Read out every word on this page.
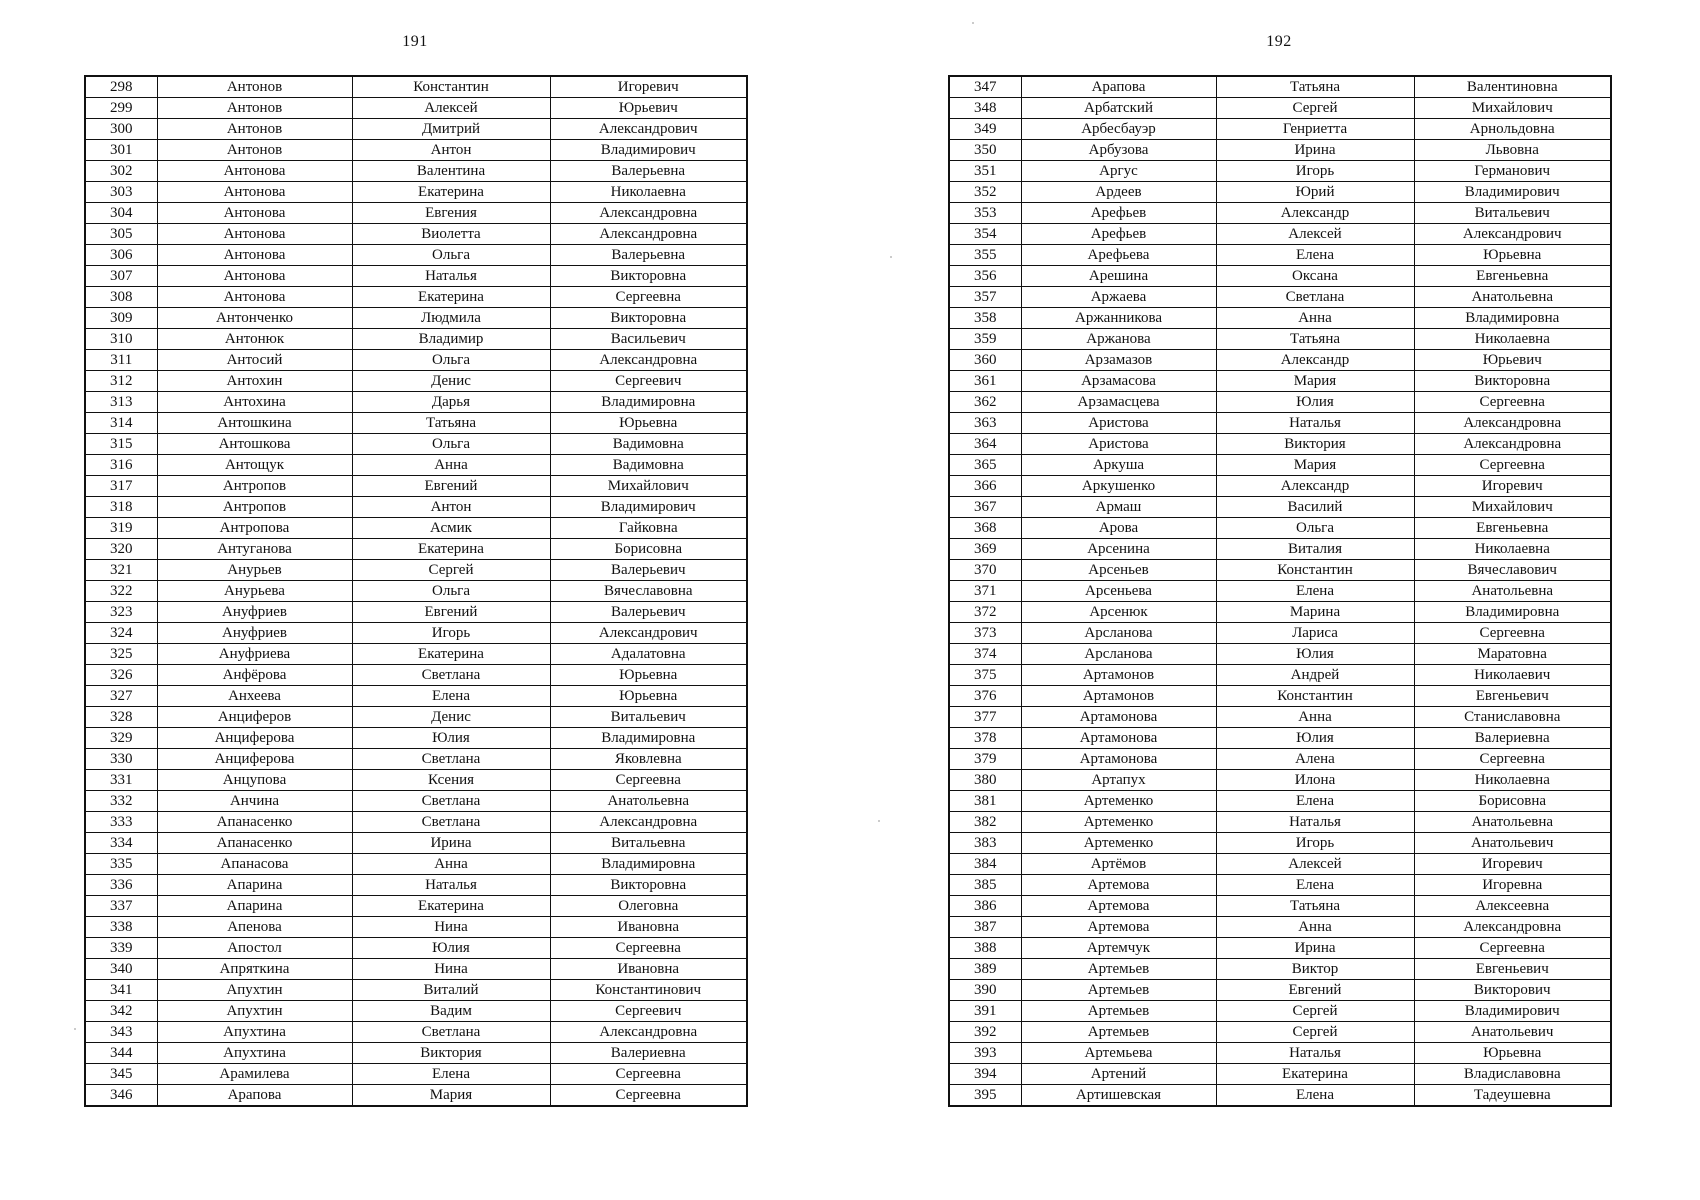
191
298	Антонов	Константин	Игоревич
299	Антонов	Алексей	Юрьевич
300	Антонов	Дмитрий	Александрович
301	Антонов	Антон	Владимирович
302	Антонова	Валентина	Валерьевна
303	Антонова	Екатерина	Николаевна
304	Антонова	Евгения	Александровна
305	Антонова	Виолетта	Александровна
306	Антонова	Ольга	Валерьевна
307	Антонова	Наталья	Викторовна
308	Антонова	Екатерина	Сергеевна
309	Антонченко	Людмила	Викторовна
310	Антонюк	Владимир	Васильевич
311	Антосий	Ольга	Александровна
312	Антохин	Денис	Сергеевич
313	Антохина	Дарья	Владимировна
314	Антошкина	Татьяна	Юрьевна
315	Антошкова	Ольга	Вадимовна
316	Антощук	Анна	Вадимовна
317	Антропов	Евгений	Михайлович
318	Антропов	Антон	Владимирович
319	Антропова	Асмик	Гайковна
320	Антуганова	Екатерина	Борисовна
321	Анурьев	Сергей	Валерьевич
322	Анурьева	Ольга	Вячеславовна
323	Ануфриев	Евгений	Валерьевич
324	Ануфриев	Игорь	Александрович
325	Ануфриева	Екатерина	Адалатовна
326	Анфёрова	Светлана	Юрьевна
327	Анхеева	Елена	Юрьевна
328	Анциферов	Денис	Витальевич
329	Анциферова	Юлия	Владимировна
330	Анциферова	Светлана	Яковлевна
331	Анцупова	Ксения	Сергеевна
332	Анчина	Светлана	Анатольевна
333	Апанасенко	Светлана	Александровна
334	Апанасенко	Ирина	Витальевна
335	Апанасова	Анна	Владимировна
336	Апарина	Наталья	Викторовна
337	Апарина	Екатерина	Олеговна
338	Апенова	Нина	Ивановна
339	Апостол	Юлия	Сергеевна
340	Апряткина	Нина	Ивановна
341	Апухтин	Виталий	Константинович
342	Апухтин	Вадим	Сергеевич
343	Апухтина	Светлана	Александровна
344	Апухтина	Виктория	Валериевна
345	Арамилева	Елена	Сергеевна
346	Арапова	Мария	Сергеевна
192
347	Арапова	Татьяна	Валентиновна
348	Арбатский	Сергей	Михайлович
349	Арбесбауэр	Генриетта	Арнольдовна
350	Арбузова	Ирина	Львовна
351	Аргус	Игорь	Германович
352	Ардеев	Юрий	Владимирович
353	Арефьев	Александр	Витальевич
354	Арефьев	Алексей	Александрович
355	Арефьева	Елена	Юрьевна
356	Арешина	Оксана	Евгеньевна
357	Аржаева	Светлана	Анатольевна
358	Аржанникова	Анна	Владимировна
359	Аржанова	Татьяна	Николаевна
360	Арзамазов	Александр	Юрьевич
361	Арзамасова	Мария	Викторовна
362	Арзамасцева	Юлия	Сергеевна
363	Аристова	Наталья	Александровна
364	Аристова	Виктория	Александровна
365	Аркуша	Мария	Сергеевна
366	Аркушенко	Александр	Игоревич
367	Армаш	Василий	Михайлович
368	Арова	Ольга	Евгеньевна
369	Арсенина	Виталия	Николаевна
370	Арсеньев	Константин	Вячеславович
371	Арсеньева	Елена	Анатольевна
372	Арсенюк	Марина	Владимировна
373	Арсланова	Лариса	Сергеевна
374	Арсланова	Юлия	Маратовна
375	Артамонов	Андрей	Николаевич
376	Артамонов	Константин	Евгеньевич
377	Артамонова	Анна	Станиславовна
378	Артамонова	Юлия	Валериевна
379	Артамонова	Алена	Сергеевна
380	Артапух	Илона	Николаевна
381	Артеменко	Елена	Борисовна
382	Артеменко	Наталья	Анатольевна
383	Артеменко	Игорь	Анатольевич
384	Артёмов	Алексей	Игоревич
385	Артемова	Елена	Игоревна
386	Артемова	Татьяна	Алексеевна
387	Артемова	Анна	Александровна
388	Артемчук	Ирина	Сергеевна
389	Артемьев	Виктор	Евгеньевич
390	Артемьев	Евгений	Викторович
391	Артемьев	Сергей	Владимирович
392	Артемьев	Сергей	Анатольевич
393	Артемьева	Наталья	Юрьевна
394	Артений	Екатерина	Владиславовна
395	Артишевская	Елена	Тадеушевна
